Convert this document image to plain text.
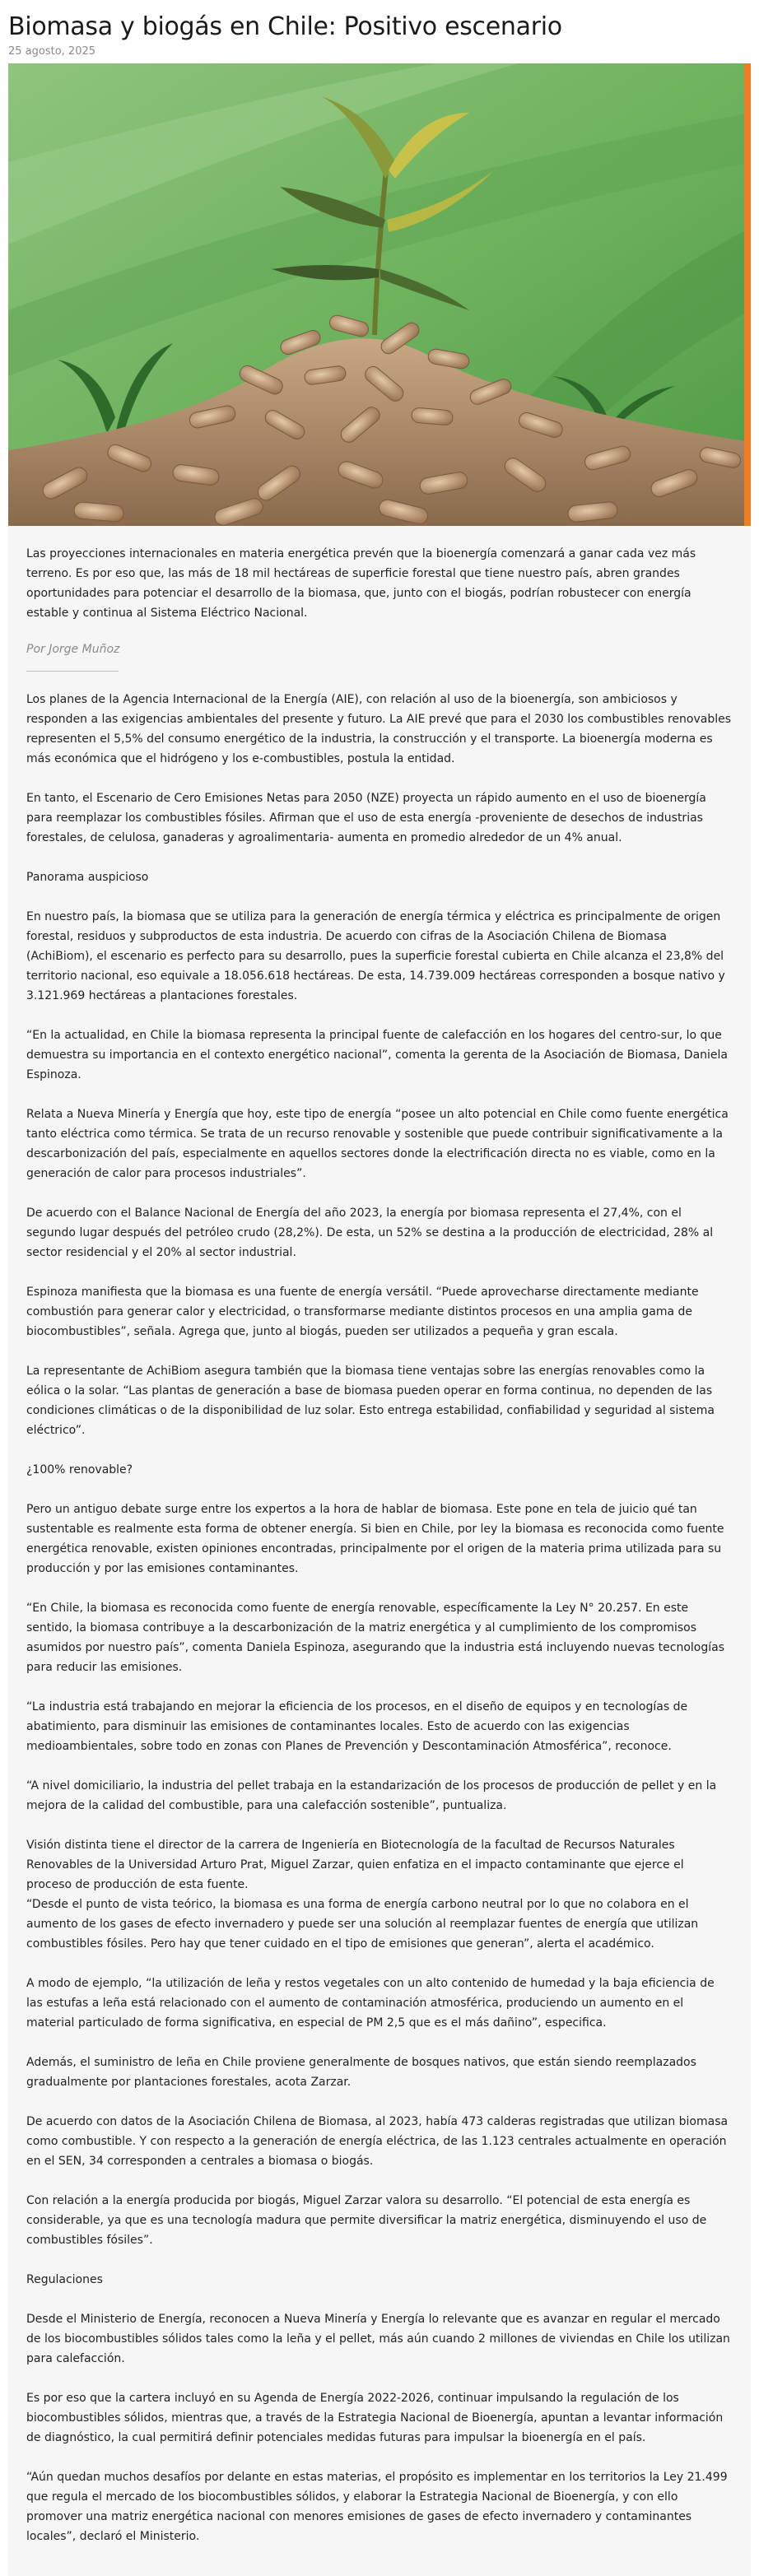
Biomasa y biogás en Chile: Positivo escenario
25 agosto, 2025

Las proyecciones internacionales en materia energética prevén que la bioenergía comenzará a ganar cada vez más terreno. Es por eso que, las más de 18 mil hectáreas de superficie forestal que tiene nuestro país, abren grandes oportunidades para potenciar el desarrollo de la biomasa, que, junto con el biogás, podrían robustecer con energía estable y continua al Sistema Eléctrico Nacional.

Por Jorge Muñoz

Los planes de la Agencia Internacional de la Energía (AIE), con relación al uso de la bioenergía, son ambiciosos y responden a las exigencias ambientales del presente y futuro. La AIE prevé que para el 2030 los combustibles renovables representen el 5,5% del consumo energético de la industria, la construcción y el transporte. La bioenergía moderna es más económica que el hidrógeno y los e-combustibles, postula la entidad.

En tanto, el Escenario de Cero Emisiones Netas para 2050 (NZE) proyecta un rápido aumento en el uso de bioenergía para reemplazar los combustibles fósiles. Afirman que el uso de esta energía -proveniente de desechos de industrias forestales, de celulosa, ganaderas y agroalimentaria- aumenta en promedio alrededor de un 4% anual.

Panorama auspicioso

En nuestro país, la biomasa que se utiliza para la generación de energía térmica y eléctrica es principalmente de origen forestal, residuos y subproductos de esta industria. De acuerdo con cifras de la Asociación Chilena de Biomasa (AchiBiom), el escenario es perfecto para su desarrollo, pues la superficie forestal cubierta en Chile alcanza el 23,8% del territorio nacional, eso equivale a 18.056.618 hectáreas. De esta, 14.739.009 hectáreas corresponden a bosque nativo y 3.121.969 hectáreas a plantaciones forestales.

“En la actualidad, en Chile la biomasa representa la principal fuente de calefacción en los hogares del centro-sur, lo que demuestra su importancia en el contexto energético nacional”, comenta la gerenta de la Asociación de Biomasa, Daniela Espinoza.

Relata a Nueva Minería y Energía que hoy, este tipo de energía “posee un alto potencial en Chile como fuente energética tanto eléctrica como térmica. Se trata de un recurso renovable y sostenible que puede contribuir significativamente a la descarbonización del país, especialmente en aquellos sectores donde la electrificación directa no es viable, como en la generación de calor para procesos industriales”.

De acuerdo con el Balance Nacional de Energía del año 2023, la energía por biomasa representa el 27,4%, con el segundo lugar después del petróleo crudo (28,2%). De esta, un 52% se destina a la producción de electricidad, 28% al sector residencial y el 20% al sector industrial.

Espinoza manifiesta que la biomasa es una fuente de energía versátil. “Puede aprovecharse directamente mediante combustión para generar calor y electricidad, o transformarse mediante distintos procesos en una amplia gama de biocombustibles”, señala. Agrega que, junto al biogás, pueden ser utilizados a pequeña y gran escala.

La representante de AchiBiom asegura también que la biomasa tiene ventajas sobre las energías renovables como la eólica o la solar. “Las plantas de generación a base de biomasa pueden operar en forma continua, no dependen de las condiciones climáticas o de la disponibilidad de luz solar. Esto entrega estabilidad, confiabilidad y seguridad al sistema eléctrico”.

¿100% renovable?

Pero un antiguo debate surge entre los expertos a la hora de hablar de biomasa. Este pone en tela de juicio qué tan sustentable es realmente esta forma de obtener energía. Si bien en Chile, por ley la biomasa es reconocida como fuente energética renovable, existen opiniones encontradas, principalmente por el origen de la materia prima utilizada para su producción y por las emisiones contaminantes.

“En Chile, la biomasa es reconocida como fuente de energía renovable, específicamente la Ley N° 20.257. En este sentido, la biomasa contribuye a la descarbonización de la matriz energética y al cumplimiento de los compromisos asumidos por nuestro país”, comenta Daniela Espinoza, asegurando que la industria está incluyendo nuevas tecnologías para reducir las emisiones.

“La industria está trabajando en mejorar la eficiencia de los procesos, en el diseño de equipos y en tecnologías de abatimiento, para disminuir las emisiones de contaminantes locales. Esto de acuerdo con las exigencias medioambientales, sobre todo en zonas con Planes de Prevención y Descontaminación Atmosférica”, reconoce.

“A nivel domiciliario, la industria del pellet trabaja en la estandarización de los procesos de producción de pellet y en la mejora de la calidad del combustible, para una calefacción sostenible”, puntualiza.

Visión distinta tiene el director de la carrera de Ingeniería en Biotecnología de la facultad de Recursos Naturales Renovables de la Universidad Arturo Prat, Miguel Zarzar, quien enfatiza en el impacto contaminante que ejerce el proceso de producción de esta fuente.

“Desde el punto de vista teórico, la biomasa es una forma de energía carbono neutral por lo que no colabora en el aumento de los gases de efecto invernadero y puede ser una solución al reemplazar fuentes de energía que utilizan combustibles fósiles. Pero hay que tener cuidado en el tipo de emisiones que generan”, alerta el académico.

A modo de ejemplo, “la utilización de leña y restos vegetales con un alto contenido de humedad y la baja eficiencia de las estufas a leña está relacionado con el aumento de contaminación atmosférica, produciendo un aumento en el material particulado de forma significativa, en especial de PM 2,5 que es el más dañino”, especifica.

Además, el suministro de leña en Chile proviene generalmente de bosques nativos, que están siendo reemplazados gradualmente por plantaciones forestales, acota Zarzar.

De acuerdo con datos de la Asociación Chilena de Biomasa, al 2023, había 473 calderas registradas que utilizan biomasa como combustible. Y con respecto a la generación de energía eléctrica, de las 1.123 centrales actualmente en operación en el SEN, 34 corresponden a centrales a biomasa o biogás.

Con relación a la energía producida por biogás, Miguel Zarzar valora su desarrollo. “El potencial de esta energía es considerable, ya que es una tecnología madura que permite diversificar la matriz energética, disminuyendo el uso de combustibles fósiles”.

Regulaciones

Desde el Ministerio de Energía, reconocen a Nueva Minería y Energía lo relevante que es avanzar en regular el mercado de los biocombustibles sólidos tales como la leña y el pellet, más aún cuando 2 millones de viviendas en Chile los utilizan para calefacción.

Es por eso que la cartera incluyó en su Agenda de Energía 2022-2026, continuar impulsando la regulación de los biocombustibles sólidos, mientras que, a través de la Estrategia Nacional de Bioenergía, apuntan a levantar información de diagnóstico, la cual permitirá definir potenciales medidas futuras para impulsar la bioenergía en el país.

“Aún quedan muchos desafíos por delante en estas materias, el propósito es implementar en los territorios la Ley 21.499 que regula el mercado de los biocombustibles sólidos, y elaborar la Estrategia Nacional de Bioenergía, y con ello promover una matriz energética nacional con menores emisiones de gases de efecto invernadero y contaminantes locales”, declaró el Ministerio.
